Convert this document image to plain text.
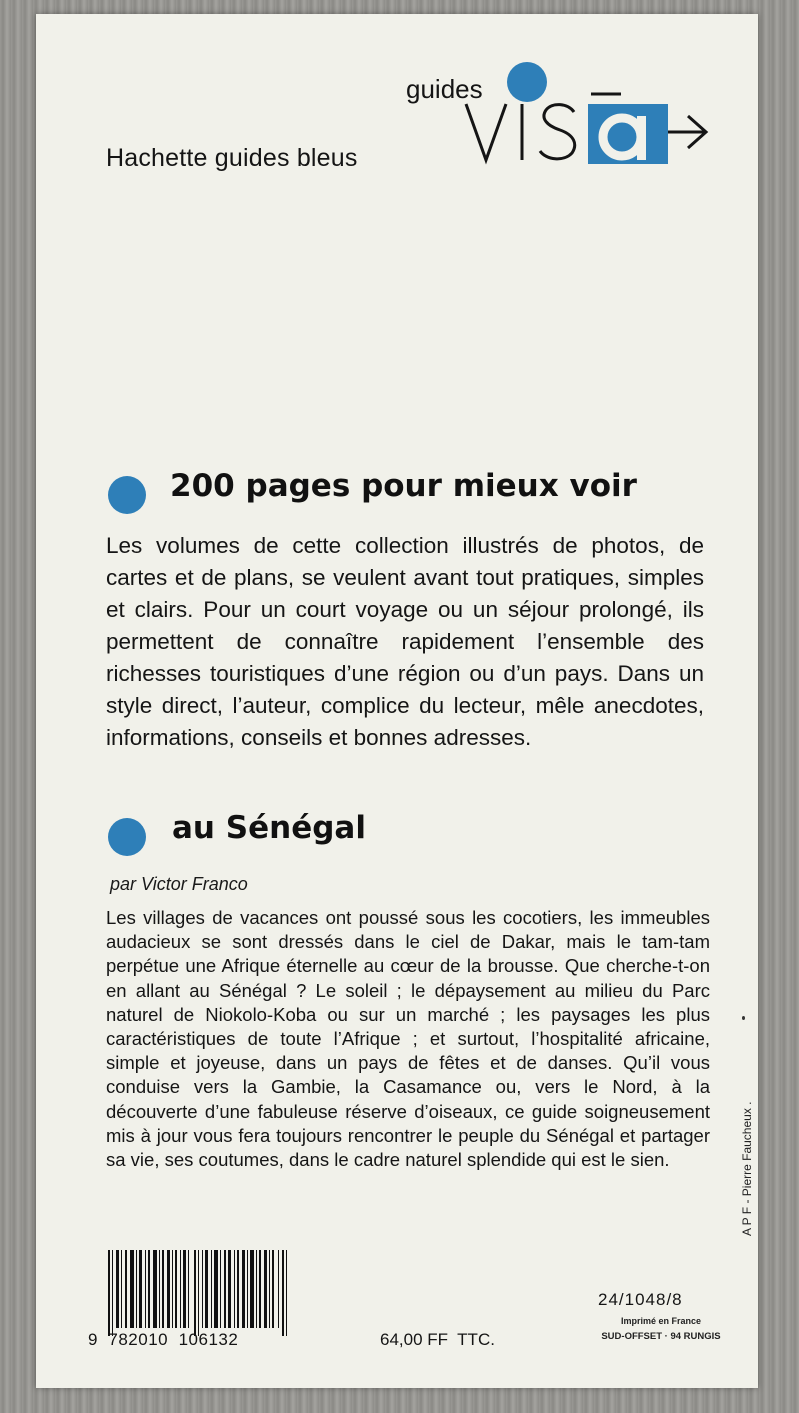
Hachette guides bleus
guides
200 pages pour mieux voir
Les volumes de cette collection illustrés de photos, de cartes et de plans, se veulent avant tout pratiques, simples et clairs. Pour un court voyage ou un séjour prolongé, ils permettent de connaître rapidement l’ensemble des richesses touristiques d’une région ou d’un pays. Dans un style direct, l’auteur, complice du lecteur, mêle anecdotes, informations, conseils et bonnes adresses.
au Sénégal
par Victor Franco
Les villages de vacances ont poussé sous les cocotiers, les immeubles audacieux se sont dressés dans le ciel de Dakar, mais le tam-tam perpétue une Afrique éternelle au cœur de la brousse. Que cherche-t-on en allant au Sénégal ? Le soleil ; le dépaysement au milieu du Parc naturel de Niokolo-Koba ou sur un marché ; les paysages les plus caractéristiques de toute l’Afrique ; et surtout, l’hospitalité africaine, simple et joyeuse, dans un pays de fêtes et de danses. Qu’il vous conduise vers la Gambie, la Casamance ou, vers le Nord, à la découverte d’une fabuleuse réserve d’oiseaux, ce guide soigneusement mis à jour vous fera toujours rencontrer le peuple du Sénégal et partager sa vie, ses coutumes, dans le cadre naturel splendide qui est le sien.
9  782010  106132	64,00 FF  TTC.
24/1048/8
Imprimé en France
SUD-OFFSET · 94 RUNGIS
A P F - Pierre Faucheux .
